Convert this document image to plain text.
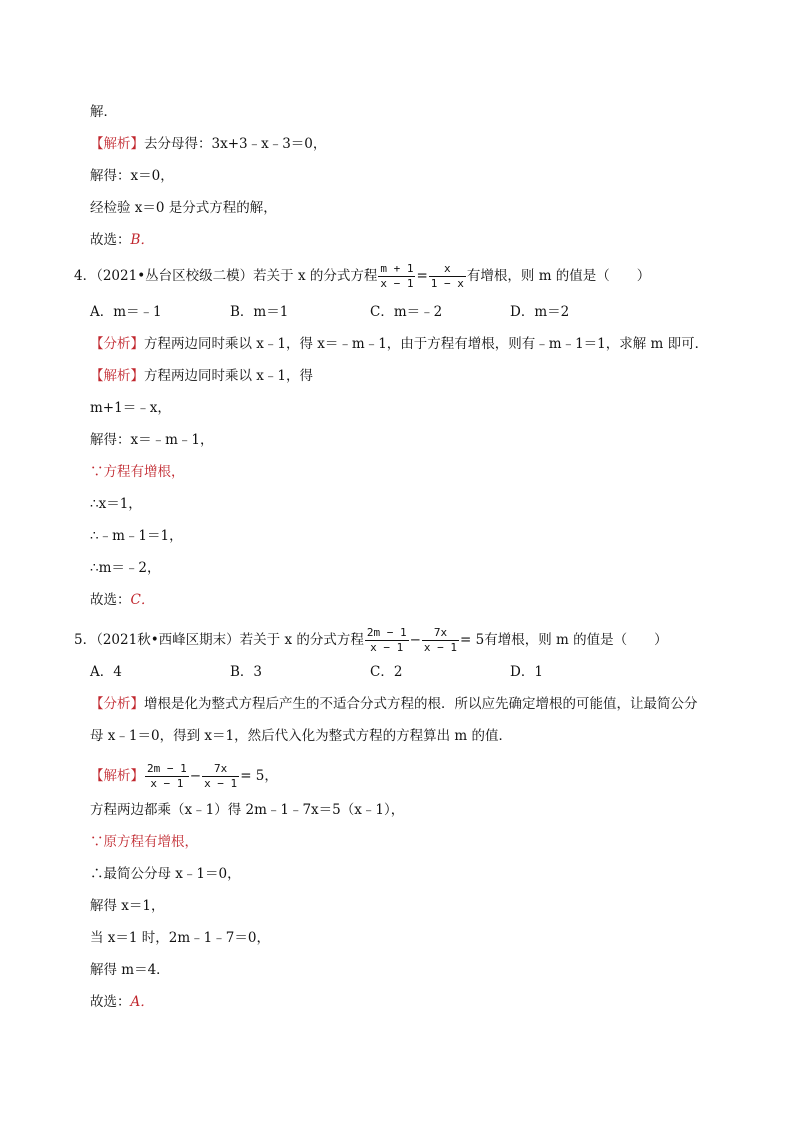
解．
【解析】去分母得：3x+3﹣x﹣3＝0，
解得：x＝0，
经检验 x＝0 是分式方程的解，
故选：B．
4．（2021•丛台区校级二模）若关于 x 的分式方程 $\frac{m + 1}{x - 1} = \frac{x}{1 - x}$ 有增根，则 m 的值是（　　）
A．m＝﹣1	B．m＝1	C．m＝﹣2	D．m＝2
【分析】方程两边同时乘以 x﹣1，得 x＝﹣m﹣1，由于方程有增根，则有﹣m﹣1＝1，求解 m 即可．
【解析】方程两边同时乘以 x﹣1，得
m+1＝﹣x，
解得：x＝﹣m﹣1，
∵方程有增根，
∴x＝1，
∴﹣m﹣1＝1，
∴m＝﹣2，
故选：C．
5．（2021秋•西峰区期末）若关于 x 的分式方程 $\frac{2m - 1}{x - 1} - \frac{7x}{x - 1} = 5$有增根，则 m 的值是（　　）
A．4	B．3	C．2	D．1
【分析】增根是化为整式方程后产生的不适合分式方程的根．所以应先确定增根的可能值，让最简公分
母 x﹣1＝0，得到 x＝1，然后代入化为整式方程的方程算出 m 的值．
【解析】 $\frac{2m - 1}{x - 1} - \frac{7x}{x - 1} = 5$，
方程两边都乘（x﹣1）得 2m﹣1﹣7x＝5（x﹣1），
∵原方程有增根，
∴最简公分母 x﹣1＝0，
解得 x＝1，
当 x＝1 时，2m﹣1﹣7＝0，
解得 m＝4．
故选：A．
